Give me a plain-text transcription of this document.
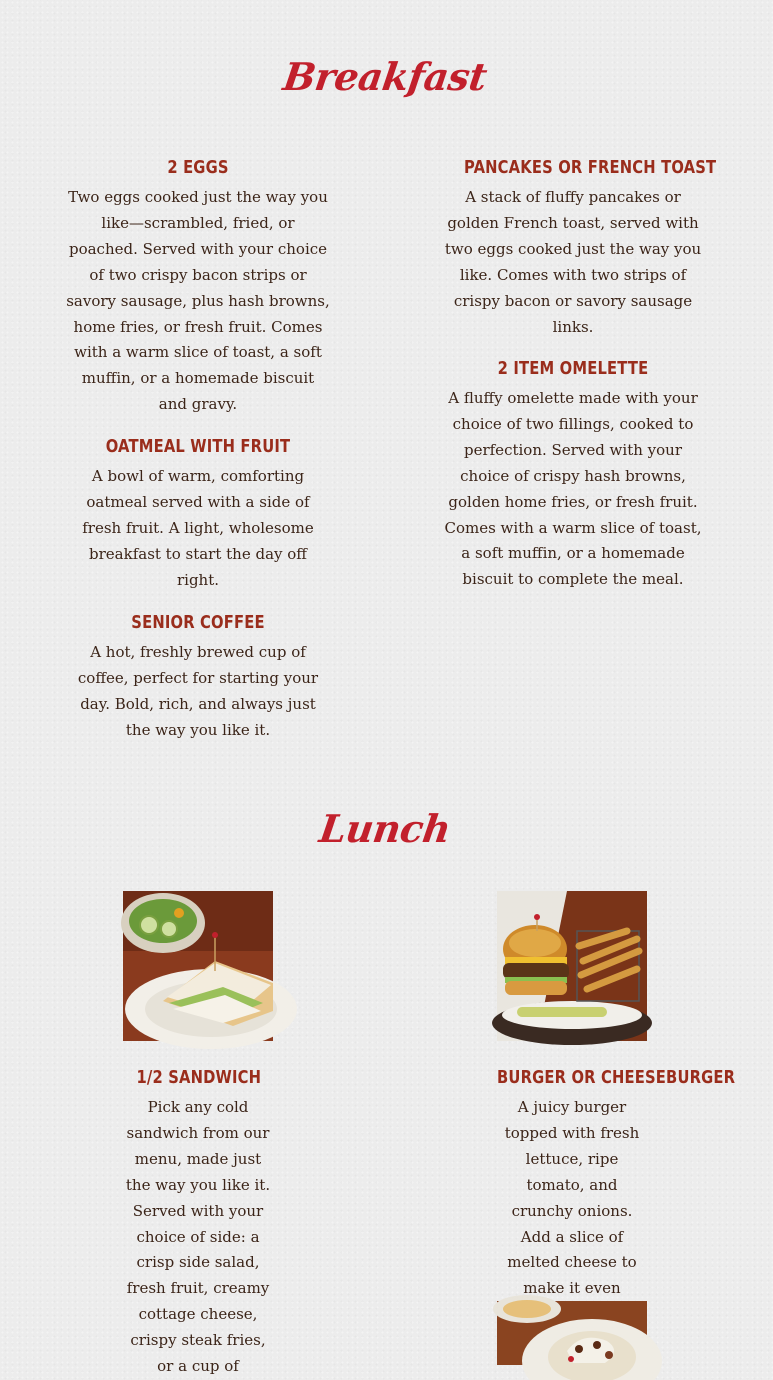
Breakfast
2 EGGS

Two eggs cooked just the way you like—scrambled, fried, or poached. Served with your choice of two crispy bacon strips or savory sausage, plus hash browns, home fries, or fresh fruit. Comes with a warm slice of toast, a soft muffin, or a homemade biscuit and gravy.

PANCAKES OR FRENCH TOAST

A stack of fluffy pancakes or golden French toast, served with two eggs cooked just the way you like. Comes with two strips of crispy bacon or savory sausage links.

OATMEAL WITH FRUIT

A bowl of warm, comforting oatmeal served with a side of fresh fruit. A light, wholesome breakfast to start the day off right.

2 ITEM OMELETTE

A fluffy omelette made with your choice of two fillings, cooked to perfection. Served with your choice of crispy hash browns, golden home fries, or fresh fruit. Comes with a warm slice of toast, a soft muffin, or a homemade biscuit to complete the meal.

SENIOR COFFEE

A hot, freshly brewed cup of coffee, perfect for starting your day. Bold, rich, and always just the way you like it.

Lunch
1/2 SANDWICH

Pick any cold sandwich from our menu, made just the way you like it. Served with your choice of side: a crisp side salad, fresh fruit, creamy cottage cheese, crispy steak fries, or a cup of

BURGER OR CHEESEBURGER

A juicy burger topped with fresh lettuce, ripe tomato, and crunchy onions. Add a slice of melted cheese to make it even
